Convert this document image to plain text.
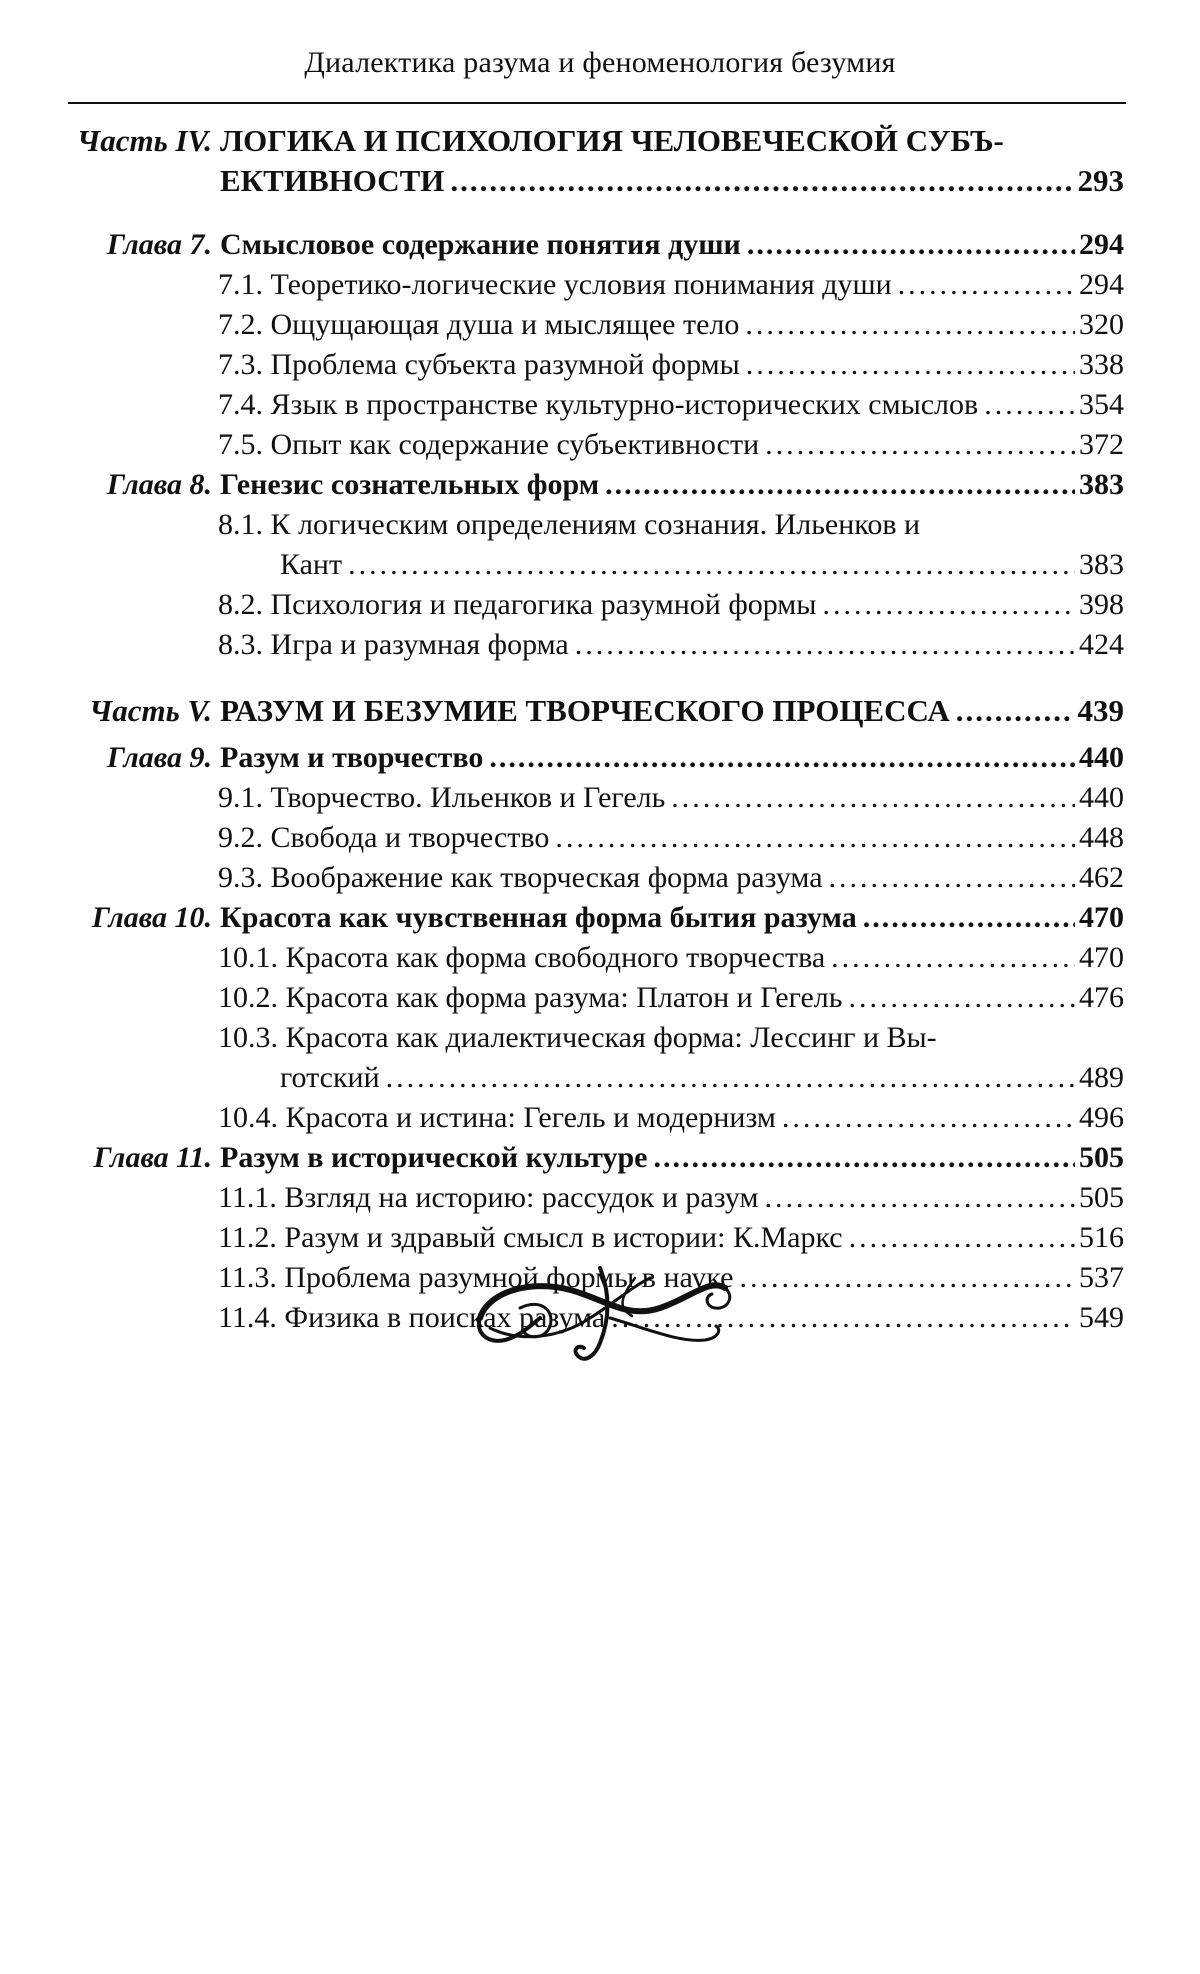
Диалектика разума и феноменология безумия
Часть IV. ЛОГИКА И ПСИХОЛОГИЯ ЧЕЛОВЕЧЕСКОЙ СУБЪ-
ЕКТИВНОСТИ .....	293
Глава 7. Смысловое содержание понятия души .....	294
7.1. Теоретико-логические условия понимания души .....	294
7.2. Ощущающая душа и мыслящее тело .....	320
7.3. Проблема субъекта разумной формы .....	338
7.4. Язык в пространстве культурно-исторических смыслов .....	354
7.5. Опыт как содержание субъективности .....	372
Глава 8. Генезис сознательных форм .....	383
8.1. К логическим определениям сознания. Ильенков и
Кант .....	383
8.2. Психология и педагогика разумной формы .....	398
8.3. Игра и разумная форма .....	424
Часть V. РАЗУМ И БЕЗУМИЕ ТВОРЧЕСКОГО ПРОЦЕССА .....	439
Глава 9. Разум и творчество .....	440
9.1. Творчество. Ильенков и Гегель .....	440
9.2. Свобода и творчество .....	448
9.3. Воображение как творческая форма разума .....	462
Глава 10. Красота как чувственная форма бытия разума .....	470
10.1. Красота как форма свободного творчества .....	470
10.2. Красота как форма разума: Платон и Гегель .....	476
10.3. Красота как диалектическая форма: Лессинг и Вы-
готский .....	489
10.4. Красота и истина: Гегель и модернизм .....	496
Глава 11. Разум в исторической культуре .....	505
11.1. Взгляд на историю: рассудок и разум .....	505
11.2. Разум и здравый смысл в истории: К.Маркс .....	516
11.3. Проблема разумной формы в науке .....	537
11.4. Физика в поисках разума .....	549
